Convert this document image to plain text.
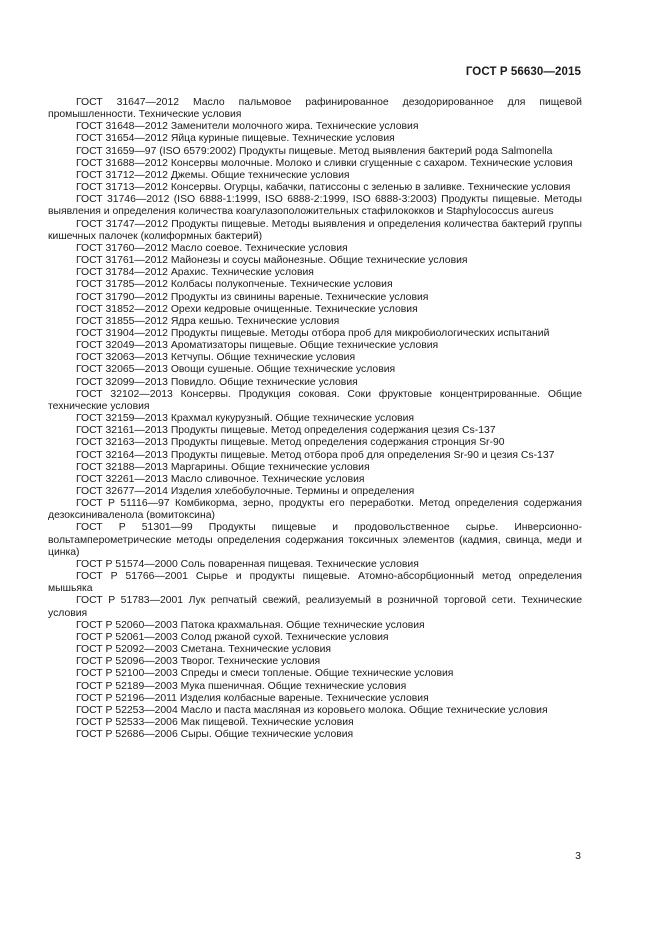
ГОСТ Р 56630—2015

ГОСТ 31647—2012 Масло пальмовое рафинированное дезодорированное для пищевой промышленности. Технические условия

ГОСТ 31648—2012 Заменители молочного жира. Технические условия

ГОСТ 31654—2012 Яйца куриные пищевые. Технические условия

ГОСТ 31659—97 (ISO 6579:2002) Продукты пищевые. Метод выявления бактерий рода Salmonella

ГОСТ 31688—2012 Консервы молочные. Молоко и сливки сгущенные с сахаром. Технические условия

ГОСТ 31712—2012 Джемы. Общие технические условия

ГОСТ 31713—2012 Консервы. Огурцы, кабачки, патиссоны с зеленью в заливке. Технические условия

ГОСТ 31746—2012 (ISO 6888-1:1999, ISO 6888-2:1999, ISO 6888-3:2003) Продукты пищевые. Методы выявления и определения количества коагулазоположительных стафилококков и Staphylococcus aureus

ГОСТ 31747—2012 Продукты пищевые. Методы выявления и определения количества бактерий группы кишечных палочек (колиформных бактерий)

ГОСТ 31760—2012 Масло соевое. Технические условия

ГОСТ 31761—2012 Майонезы и соусы майонезные. Общие технические условия

ГОСТ 31784—2012 Арахис. Технические условия

ГОСТ 31785—2012 Колбасы полукопченые. Технические условия

ГОСТ 31790—2012 Продукты из свинины вареные. Технические условия

ГОСТ 31852—2012 Орехи кедровые очищенные. Технические условия

ГОСТ 31855—2012 Ядра кешью. Технические условия

ГОСТ 31904—2012 Продукты пищевые. Методы отбора проб для микробиологических испытаний

ГОСТ 32049—2013 Ароматизаторы пищевые. Общие технические условия

ГОСТ 32063—2013 Кетчупы. Общие технические условия

ГОСТ 32065—2013 Овощи сушеные. Общие технические условия

ГОСТ 32099—2013 Повидло. Общие технические условия

ГОСТ 32102—2013 Консервы. Продукция соковая. Соки фруктовые концентрированные. Общие технические условия

ГОСТ 32159—2013 Крахмал кукурузный. Общие технические условия

ГОСТ 32161—2013 Продукты пищевые. Метод определения содержания цезия Cs-137

ГОСТ 32163—2013 Продукты пищевые. Метод определения содержания стронция Sr-90

ГОСТ 32164—2013 Продукты пищевые. Метод отбора проб для определения Sr-90 и цезия Cs-137

ГОСТ 32188—2013 Маргарины. Общие технические условия

ГОСТ 32261—2013 Масло сливочное. Технические условия

ГОСТ 32677—2014 Изделия хлебобулочные. Термины и определения

ГОСТ Р 51116—97 Комбикорма, зерно, продукты его переработки. Метод определения содержания дезоксиниваленола (вомитоксина)

ГОСТ Р 51301—99 Продукты пищевые и продовольственное сырье. Инверсионно-вольтамперометрические методы определения содержания токсичных элементов (кадмия, свинца, меди и цинка)

ГОСТ Р 51574—2000 Соль поваренная пищевая. Технические условия

ГОСТ Р 51766—2001 Сырье и продукты пищевые. Атомно-абсорбционный метод определения мышьяка

ГОСТ Р 51783—2001 Лук репчатый свежий, реализуемый в розничной торговой сети. Технические условия

ГОСТ Р 52060—2003 Патока крахмальная. Общие технические условия

ГОСТ Р 52061—2003 Солод ржаной сухой. Технические условия

ГОСТ Р 52092—2003 Сметана. Технические условия

ГОСТ Р 52096—2003 Творог. Технические условия

ГОСТ Р 52100—2003 Спреды и смеси топленые. Общие технические условия

ГОСТ Р 52189—2003 Мука пшеничная. Общие технические условия

ГОСТ Р 52196—2011 Изделия колбасные вареные. Технические условия

ГОСТ Р 52253—2004 Масло и паста масляная из коровьего молока. Общие технические условия

ГОСТ Р 52533—2006 Мак пищевой. Технические условия

ГОСТ Р 52686—2006 Сыры. Общие технические условия

3
